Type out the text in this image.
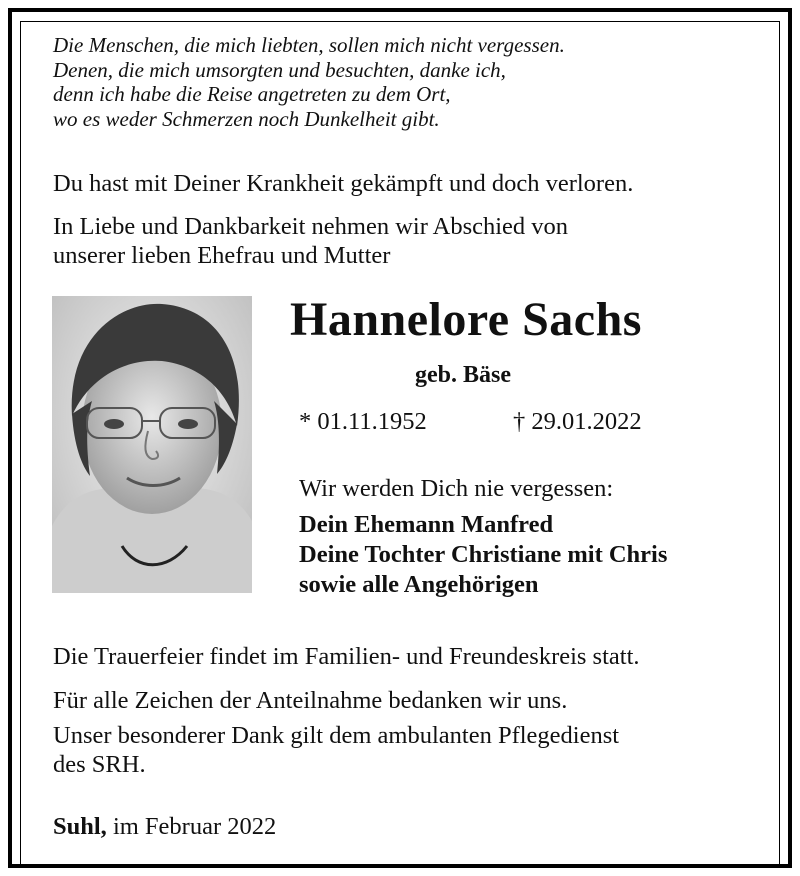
Die Menschen, die mich liebten, sollen mich nicht vergessen.
Denen, die mich umsorgten und besuchten, danke ich,
denn ich habe die Reise angetreten zu dem Ort,
wo es weder Schmerzen noch Dunkelheit gibt.

Du hast mit Deiner Krankheit gekämpft und doch verloren.

In Liebe und Dankbarkeit nehmen wir Abschied von

unserer lieben Ehefrau und Mutter

Hannelore Sachs

geb. Bäse

* 01.11.1952	† 29.01.2022

Wir werden Dich nie vergessen:

Dein Ehemann Manfred
Deine Tochter Christiane mit Chris
sowie alle Angehörigen

Die Trauerfeier findet im Familien- und Freundeskreis statt.

Für alle Zeichen der Anteilnahme bedanken wir uns.

Unser besonderer Dank gilt dem ambulanten Pflegedienst

des SRH.

Suhl, im Februar 2022
